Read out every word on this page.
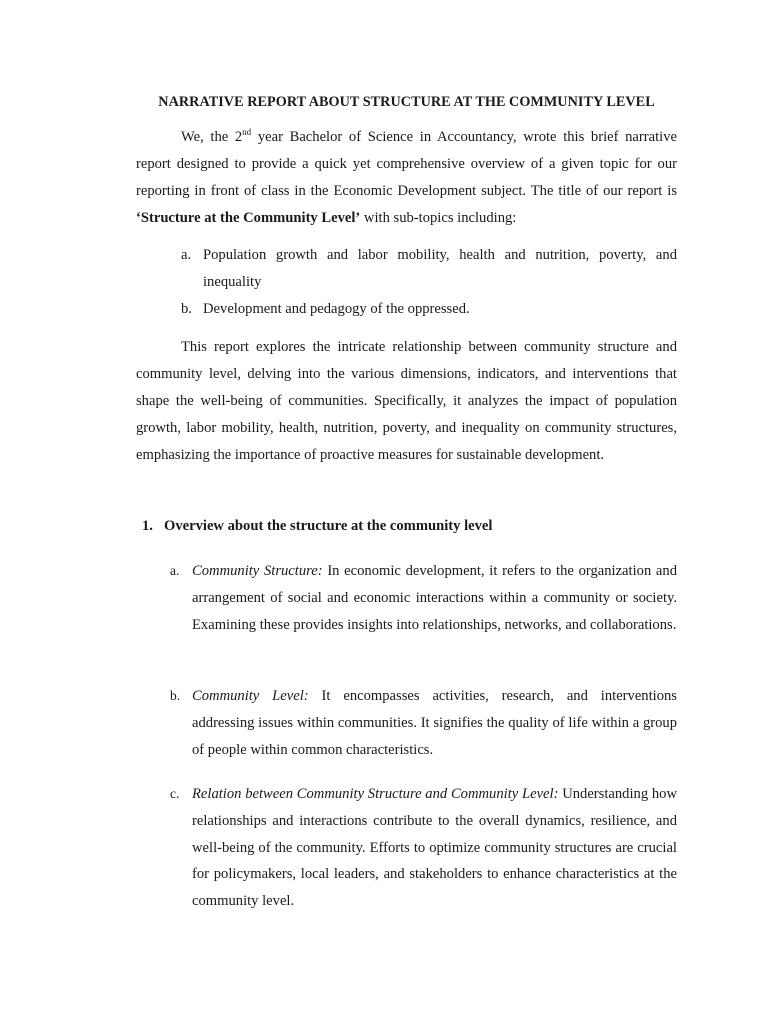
NARRATIVE REPORT ABOUT STRUCTURE AT THE COMMUNITY LEVEL

We, the 2nd year Bachelor of Science in Accountancy, wrote this brief narrative report designed to provide a quick yet comprehensive overview of a given topic for our reporting in front of class in the Economic Development subject. The title of our report is ‘Structure at the Community Level’ with sub-topics including:

a. Population growth and labor mobility, health and nutrition, poverty, and inequality
b. Development and pedagogy of the oppressed.

This report explores the intricate relationship between community structure and community level, delving into the various dimensions, indicators, and interventions that shape the well-being of communities. Specifically, it analyzes the impact of population growth, labor mobility, health, nutrition, poverty, and inequality on community structures, emphasizing the importance of proactive measures for sustainable development.

1. Overview about the structure at the community level
a. Community Structure: In economic development, it refers to the organization and arrangement of social and economic interactions within a community or society. Examining these provides insights into relationships, networks, and collaborations.
b. Community Level: It encompasses activities, research, and interventions addressing issues within communities. It signifies the quality of life within a group of people within common characteristics.
c. Relation between Community Structure and Community Level: Understanding how relationships and interactions contribute to the overall dynamics, resilience, and well-being of the community. Efforts to optimize community structures are crucial for policymakers, local leaders, and stakeholders to enhance characteristics at the community level.
